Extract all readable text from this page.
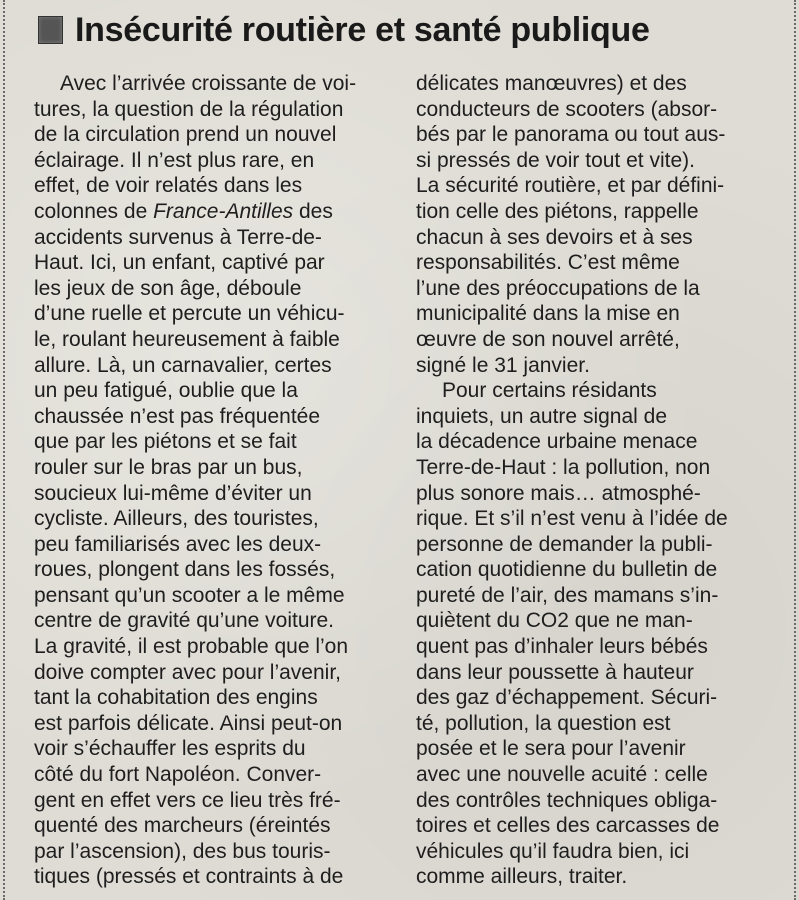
Insécurité routière et santé publique
Avec l’arrivée croissante de voi-
tures, la question de la régulation
de la circulation prend un nouvel
éclairage. Il n’est plus rare, en
effet, de voir relatés dans les
colonnes de France-Antilles des
accidents survenus à Terre-de-
Haut. Ici, un enfant, captivé par
les jeux de son âge, déboule
d’une ruelle et percute un véhicu-
le, roulant heureusement à faible
allure. Là, un carnavalier, certes
un peu fatigué, oublie que la
chaussée n’est pas fréquentée
que par les piétons et se fait
rouler sur le bras par un bus,
soucieux lui-même d’éviter un
cycliste. Ailleurs, des touristes,
peu familiarisés avec les deux-
roues, plongent dans les fossés,
pensant qu’un scooter a le même
centre de gravité qu’une voiture.
La gravité, il est probable que l’on
doive compter avec pour l’avenir,
tant la cohabitation des engins
est parfois délicate. Ainsi peut-on
voir s’échauffer les esprits du
côté du fort Napoléon. Conver-
gent en effet vers ce lieu très fré-
quenté des marcheurs (éreintés
par l’ascension), des bus touris-
tiques (pressés et contraints à de
délicates manœuvres) et des
conducteurs de scooters (absor-
bés par le panorama ou tout aus-
si pressés de voir tout et vite).
La sécurité routière, et par défini-
tion celle des piétons, rappelle
chacun à ses devoirs et à ses
responsabilités. C’est même
l’une des préoccupations de la
municipalité dans la mise en
œuvre de son nouvel arrêté,
signé le 31 janvier.
Pour certains résidants
inquiets, un autre signal de
la décadence urbaine menace
Terre-de-Haut : la pollution, non
plus sonore mais… atmosphé-
rique. Et s’il n’est venu à l’idée de
personne de demander la publi-
cation quotidienne du bulletin de
pureté de l’air, des mamans s’in-
quiètent du CO2 que ne man-
quent pas d’inhaler leurs bébés
dans leur poussette à hauteur
des gaz d’échappement. Sécuri-
té, pollution, la question est
posée et le sera pour l’avenir
avec une nouvelle acuité : celle
des contrôles techniques obliga-
toires et celles des carcasses de
véhicules qu’il faudra bien, ici
comme ailleurs, traiter.
